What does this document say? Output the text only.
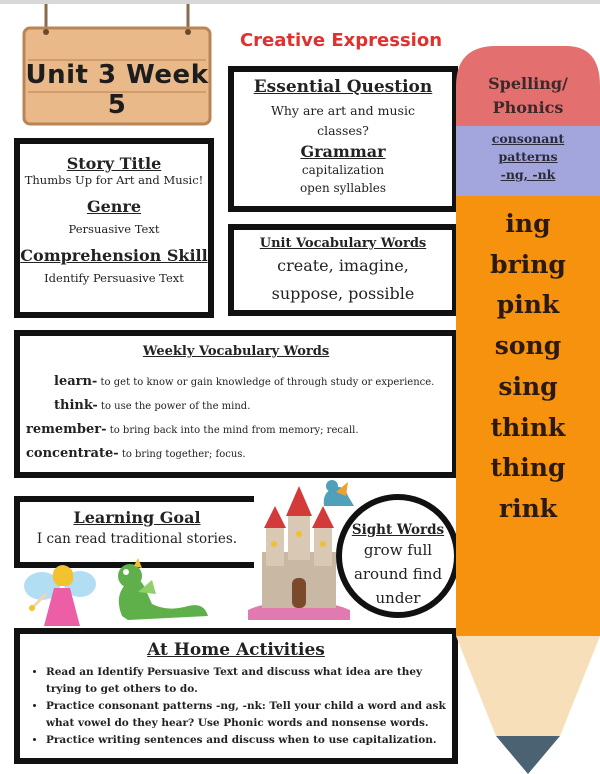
Unit 3 Week 5
Creative Expression
Essential Question
Why are art and music classes?
Grammar
capitalization
open syllables
Story Title
Thumbs Up for Art and Music!
Genre
Persuasive Text
Comprehension Skill
Identify Persuasive Text
Unit Vocabulary Words
create, imagine,
suppose, possible
Weekly Vocabulary Words
learn- to get to know or gain knowledge of through study or experience.
think- to use the power of the mind.
remember- to bring back into the mind from memory; recall.
concentrate- to bring together; focus.
Learning Goal
I can read traditional stories.
Sight Words
grow full
around find
under
At Home Activities
• Read an Identify Persuasive Text and discuss what idea are they trying to get others to do.
• Practice consonant patterns -ng, -nk: Tell your child a word and ask what vowel do they hear? Use Phonic words and nonsense words.
• Practice writing sentences and discuss when to use capitalization.
Spelling/
Phonics
consonant
patterns
-ng, -nk
ing
bring
pink
song
sing
think
thing
rink
